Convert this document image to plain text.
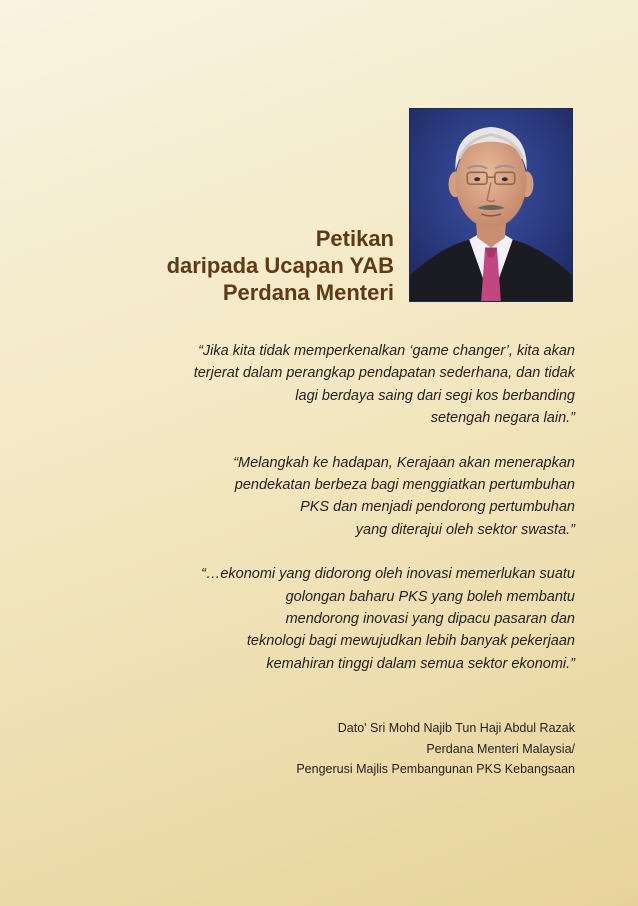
Petikan
daripada Ucapan YAB
Perdana Menteri

“Jika kita tidak memperkenalkan ‘game changer’, kita akan
terjerat dalam perangkap pendapatan sederhana, dan tidak
lagi berdaya saing dari segi kos berbanding
setengah negara lain.”

“Melangkah ke hadapan, Kerajaan akan menerapkan
pendekatan berbeza bagi menggiatkan pertumbuhan
PKS dan menjadi pendorong pertumbuhan
yang diterajui oleh sektor swasta.”

“…ekonomi yang didorong oleh inovasi memerlukan suatu
golongan baharu PKS yang boleh membantu
mendorong inovasi yang dipacu pasaran dan
teknologi bagi mewujudkan lebih banyak pekerjaan
kemahiran tinggi dalam semua sektor ekonomi.”

Dato' Sri Mohd Najib Tun Haji Abdul Razak
Perdana Menteri Malaysia/
Pengerusi Majlis Pembangunan PKS Kebangsaan
